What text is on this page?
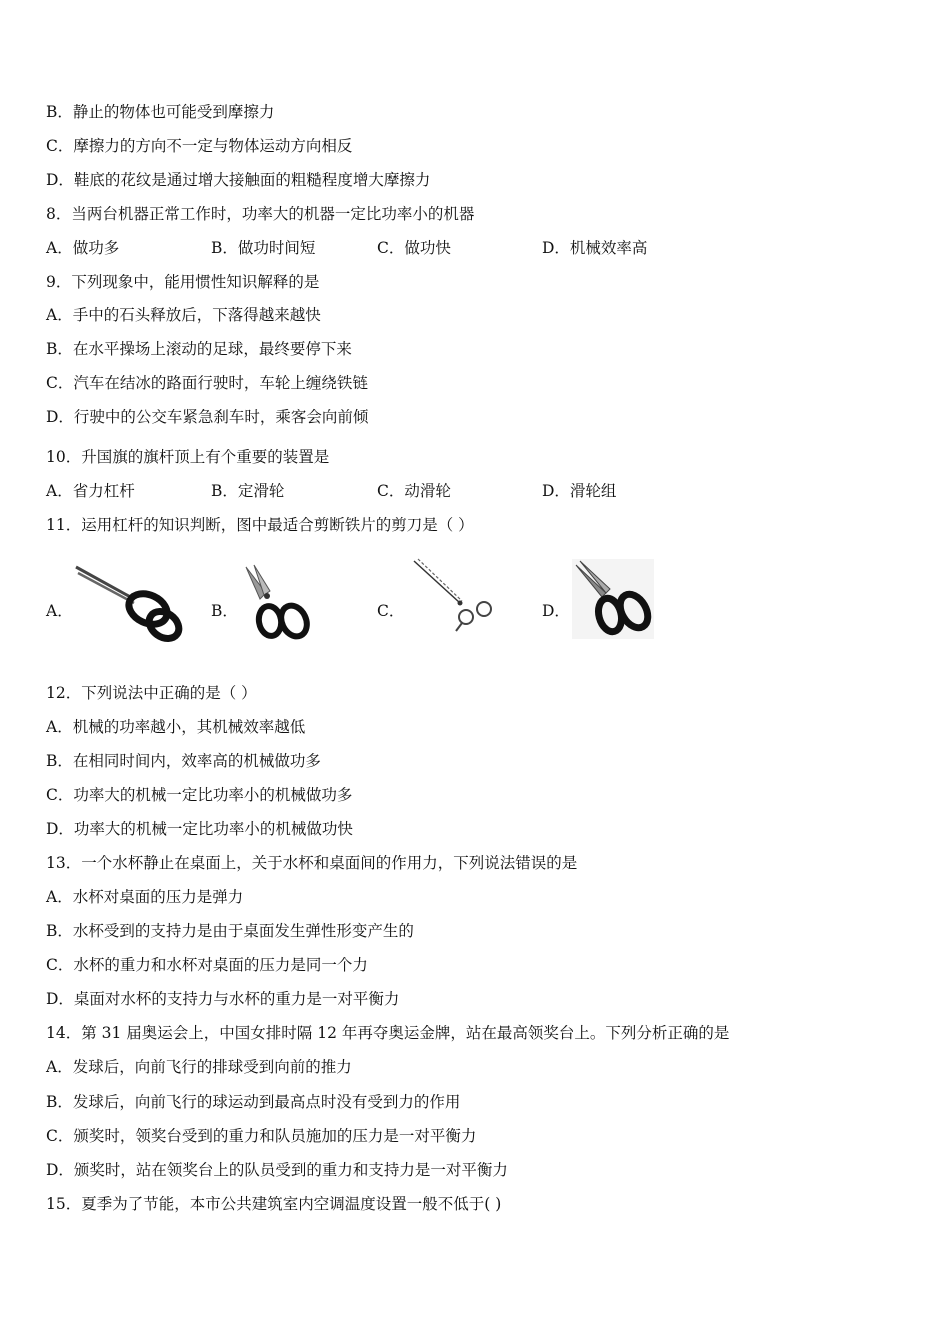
B．静止的物体也可能受到摩擦力
C．摩擦力的方向不一定与物体运动方向相反
D．鞋底的花纹是通过增大接触面的粗糙程度增大摩擦力
8．当两台机器正常工作时，功率大的机器一定比功率小的机器
A．做功多	B．做功时间短	C．做功快	D．机械效率高
9．下列现象中，能用惯性知识解释的是
A．手中的石头释放后，下落得越来越快
B．在水平操场上滚动的足球，最终要停下来
C．汽车在结冰的路面行驶时，车轮上缠绕铁链
D．行驶中的公交车紧急刹车时，乘客会向前倾
10．升国旗的旗杆顶上有个重要的装置是
A．省力杠杆	B．定滑轮	C．动滑轮	D．滑轮组
11．运用杠杆的知识判断，图中最适合剪断铁片的剪刀是（ ）
A．	B．	C．	D．
12．下列说法中正确的是（ ）
A．机械的功率越小，其机械效率越低
B．在相同时间内，效率高的机械做功多
C．功率大的机械一定比功率小的机械做功多
D．功率大的机械一定比功率小的机械做功快
13．一个水杯静止在桌面上，关于水杯和桌面间的作用力，下列说法错误的是
A．水杯对桌面的压力是弹力
B．水杯受到的支持力是由于桌面发生弹性形变产生的
C．水杯的重力和水杯对桌面的压力是同一个力
D．桌面对水杯的支持力与水杯的重力是一对平衡力
14．第 31 届奥运会上，中国女排时隔 12 年再夺奥运金牌，站在最高领奖台上。下列分析正确的是
A．发球后，向前飞行的排球受到向前的推力
B．发球后，向前飞行的球运动到最高点时没有受到力的作用
C．颁奖时，领奖台受到的重力和队员施加的压力是一对平衡力
D．颁奖时，站在领奖台上的队员受到的重力和支持力是一对平衡力
15．夏季为了节能，本市公共建筑室内空调温度设置一般不低于( )
